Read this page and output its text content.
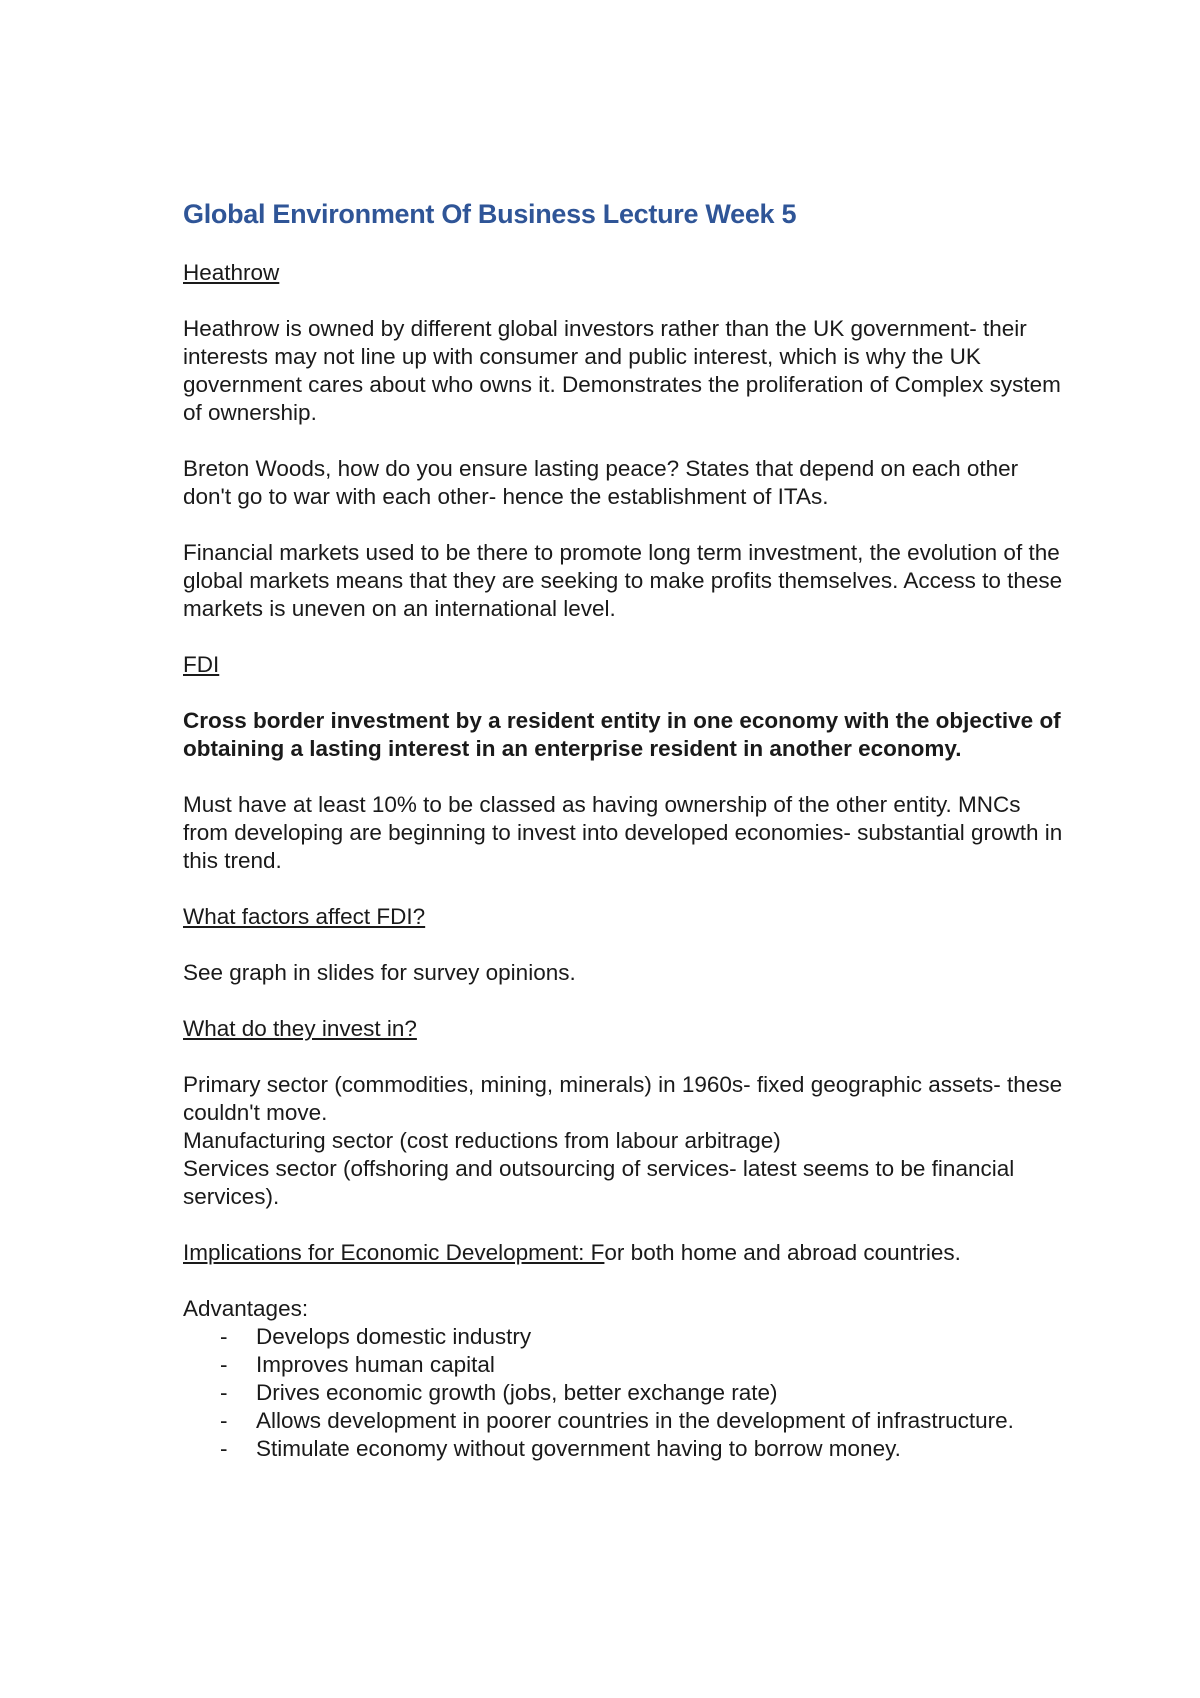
Global Environment Of Business Lecture Week 5

Heathrow

Heathrow is owned by different global investors rather than the UK government- their interests may not line up with consumer and public interest, which is why the UK government cares about who owns it. Demonstrates the proliferation of Complex system of ownership.

Breton Woods, how do you ensure lasting peace? States that depend on each other don't go to war with each other- hence the establishment of ITAs.

Financial markets used to be there to promote long term investment, the evolution of the global markets means that they are seeking to make profits themselves. Access to these markets is uneven on an international level.

FDI

Cross border investment by a resident entity in one economy with the objective of obtaining a lasting interest in an enterprise resident in another economy.

Must have at least 10% to be classed as having ownership of the other entity. MNCs from developing are beginning to invest into developed economies- substantial growth in this trend.

What factors affect FDI?

See graph in slides for survey opinions.

What do they invest in?

Primary sector (commodities, mining, minerals) in 1960s- fixed geographic assets- these couldn't move.

Manufacturing sector (cost reductions from labour arbitrage)

Services sector (offshoring and outsourcing of services- latest seems to be financial services).

Implications for Economic Development: For both home and abroad countries.

Advantages:

- Develops domestic industry
- Improves human capital
- Drives economic growth (jobs, better exchange rate)
- Allows development in poorer countries in the development of infrastructure.
- Stimulate economy without government having to borrow money.
